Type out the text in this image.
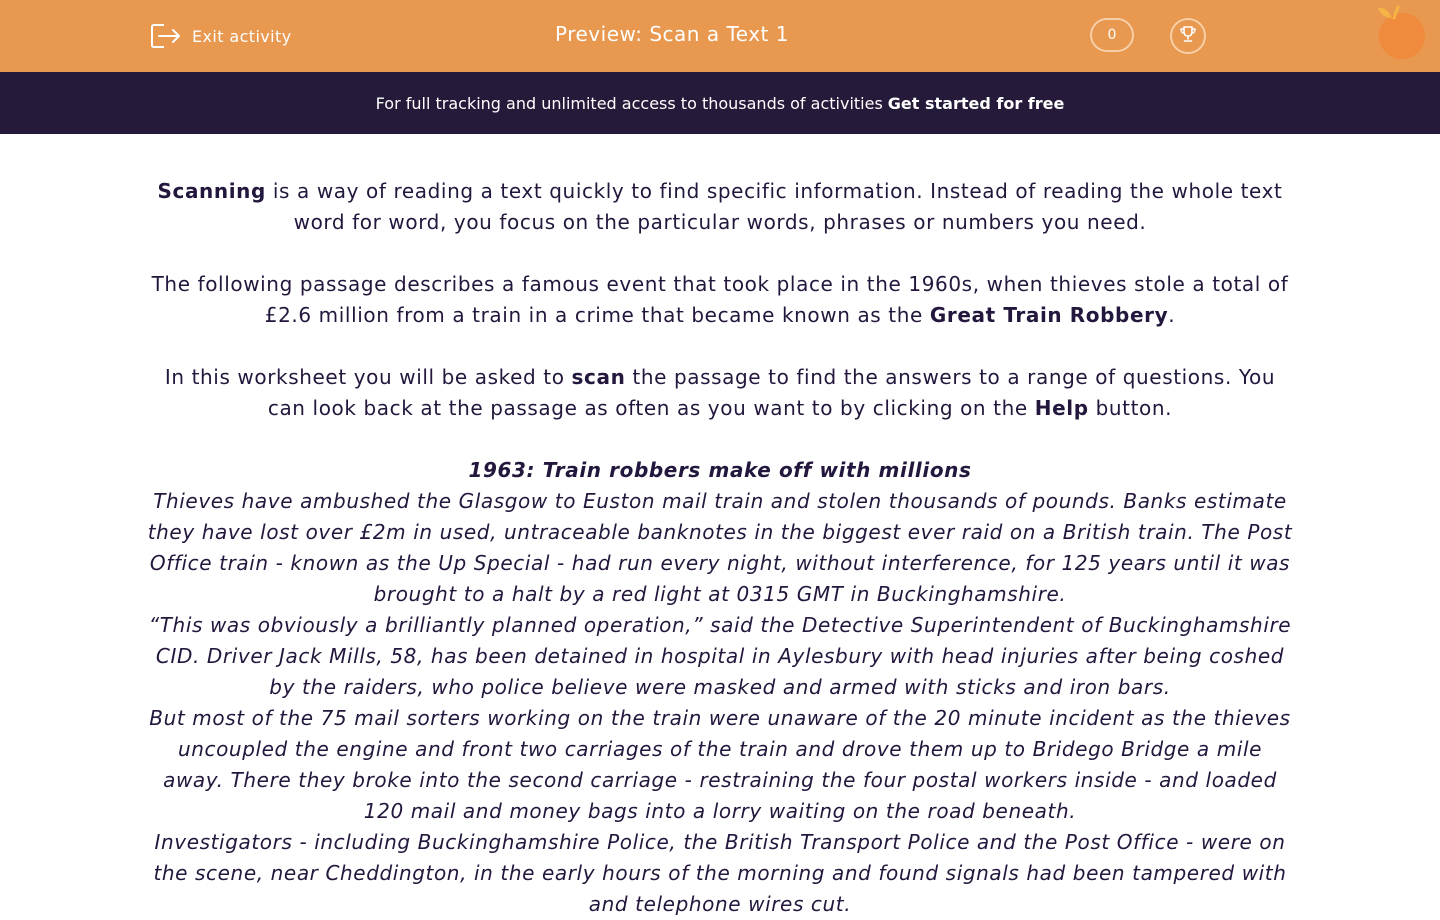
Exit activity	Preview: Scan a Text 1	0
For full tracking and unlimited access to thousands of activities Get started for free

Scanning is a way of reading a text quickly to find specific information. Instead of reading the whole text word for word, you focus on the particular words, phrases or numbers you need.

The following passage describes a famous event that took place in the 1960s, when thieves stole a total of £2.6 million from a train in a crime that became known as the Great Train Robbery.

In this worksheet you will be asked to scan the passage to find the answers to a range of questions. You can look back at the passage as often as you want to by clicking on the Help button.

1963: Train robbers make off with millions

Thieves have ambushed the Glasgow to Euston mail train and stolen thousands of pounds. Banks estimate they have lost over £2m in used, untraceable banknotes in the biggest ever raid on a British train. The Post Office train - known as the Up Special - had run every night, without interference, for 125 years until it was brought to a halt by a red light at 0315 GMT in Buckinghamshire.

“This was obviously a brilliantly planned operation,” said the Detective Superintendent of Buckinghamshire CID. Driver Jack Mills, 58, has been detained in hospital in Aylesbury with head injuries after being coshed by the raiders, who police believe were masked and armed with sticks and iron bars.

But most of the 75 mail sorters working on the train were unaware of the 20 minute incident as the thieves uncoupled the engine and front two carriages of the train and drove them up to Bridego Bridge a mile away. There they broke into the second carriage - restraining the four postal workers inside - and loaded 120 mail and money bags into a lorry waiting on the road beneath.

Investigators - including Buckinghamshire Police, the British Transport Police and the Post Office - were on the scene, near Cheddington, in the early hours of the morning and found signals had been tampered with and telephone wires cut.
